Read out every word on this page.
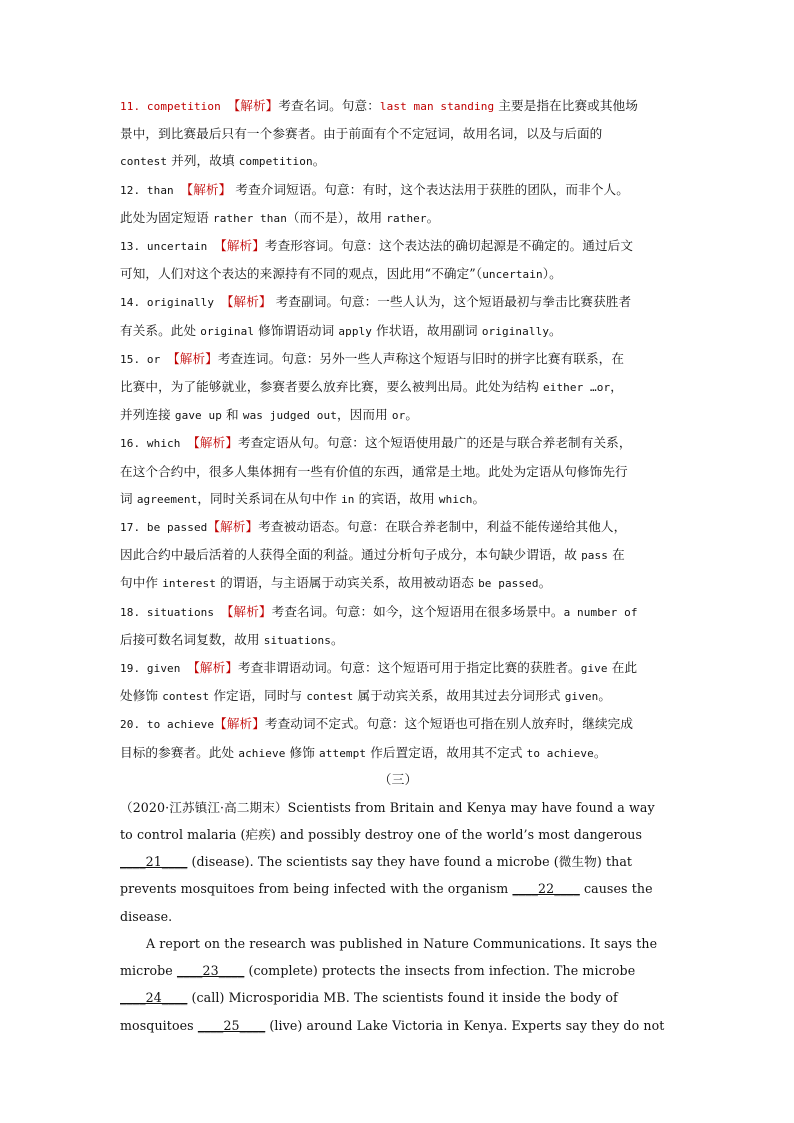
11. competition 【解析】考查名词。句意：last man standing 主要是指在比赛或其他场
景中，到比赛最后只有一个参赛者。由于前面有个不定冠词，故用名词，以及与后面的
contest 并列，故填 competition。
12. than 【解析】 考查介词短语。句意：有时，这个表达法用于获胜的团队，而非个人。
此处为固定短语 rather than（而不是），故用 rather。
13. uncertain 【解析】考查形容词。句意：这个表达法的确切起源是不确定的。通过后文
可知，人们对这个表达的来源持有不同的观点，因此用“不确定”（uncertain）。
14. originally 【解析】 考查副词。句意：一些人认为，这个短语最初与拳击比赛获胜者
有关系。此处 original 修饰谓语动词 apply 作状语，故用副词 originally。
15. or 【解析】考查连词。句意：另外一些人声称这个短语与旧时的拼字比赛有联系，在
比赛中，为了能够就业，参赛者要么放弃比赛，要么被判出局。此处为结构 either …or，
并列连接 gave up 和 was judged out，因而用 or。
16. which 【解析】考查定语从句。句意：这个短语使用最广的还是与联合养老制有关系，
在这个合约中，很多人集体拥有一些有价值的东西，通常是土地。此处为定语从句修饰先行
词 agreement，同时关系词在从句中作 in 的宾语，故用 which。
17. be passed【解析】考查被动语态。句意：在联合养老制中，利益不能传递给其他人，
因此合约中最后活着的人获得全面的利益。通过分析句子成分，本句缺少谓语，故 pass 在
句中作 interest 的谓语，与主语属于动宾关系，故用被动语态 be passed。
18. situations 【解析】考查名词。句意：如今，这个短语用在很多场景中。a number of
后接可数名词复数，故用 situations。
19. given 【解析】考查非谓语动词。句意：这个短语可用于指定比赛的获胜者。give 在此
处修饰 contest 作定语，同时与 contest 属于动宾关系，故用其过去分词形式 given。
20. to achieve【解析】考查动词不定式。句意：这个短语也可指在别人放弃时，继续完成
目标的参赛者。此处 achieve 修饰 attempt 作后置定语，故用其不定式 to achieve。

（三）

（2020·江苏镇江·高二期末）Scientists from Britain and Kenya may have found a way
to control malaria (疟疾) and possibly destroy one of the world’s most dangerous
____21____ (disease). The scientists say they have found a microbe (微生物) that
prevents mosquitoes from being infected with the organism ____22____ causes the
disease.
A report on the research was published in Nature Communications. It says the
microbe ____23____ (complete) protects the insects from infection. The microbe
____24____ (call) Microsporidia MB. The scientists found it inside the body of
mosquitoes ____25____ (live) around Lake Victoria in Kenya. Experts say they do not
